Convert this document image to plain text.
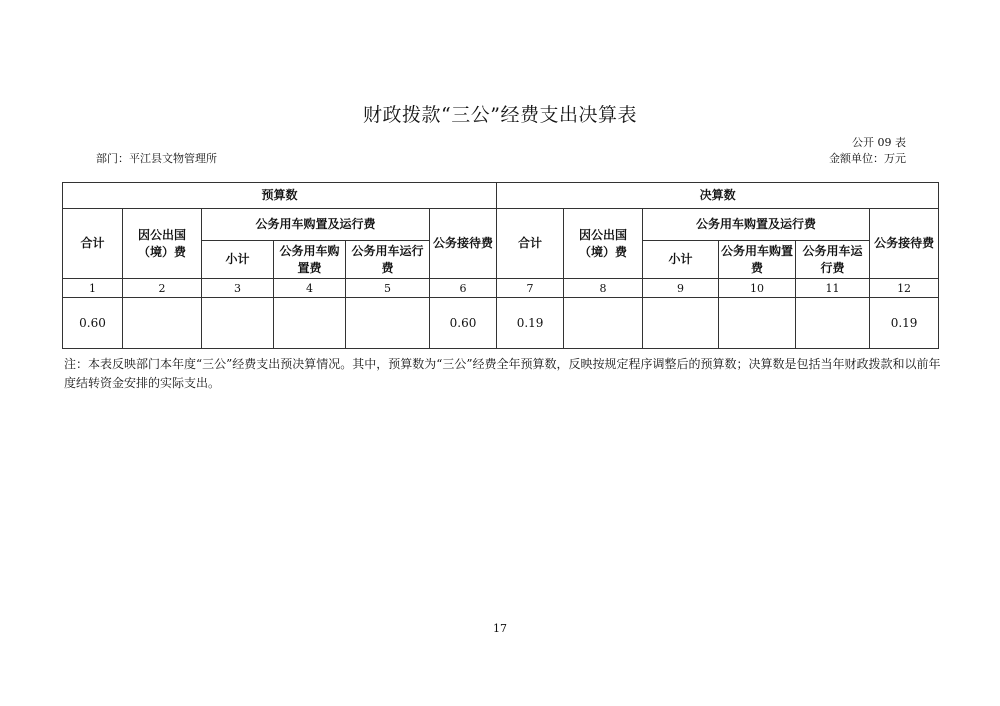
财政拨款“三公”经费支出决算表
公开 09 表
部门：平江县文物管理所	金额单位：万元
预算数						决算数					
合计	因公出国（境）费	公务用车购置及运行费			公务接待费	合计	因公出国（境）费	公务用车购置及运行费			公务接待费
		小计	公务用车购置费	公务用车运行费				小计	公务用车购置费	公务用车运行费	
1	2	3	4	5	6	7	8	9	10	11	12
0.60					0.60	0.19					0.19
注：本表反映部门本年度“三公”经费支出预决算情况。其中，预算数为“三公”经费全年预算数，反映按规定程序调整后的预算数；决算数是包括当年财政拨款和以前年度结转资金安排的实际支出。
17
